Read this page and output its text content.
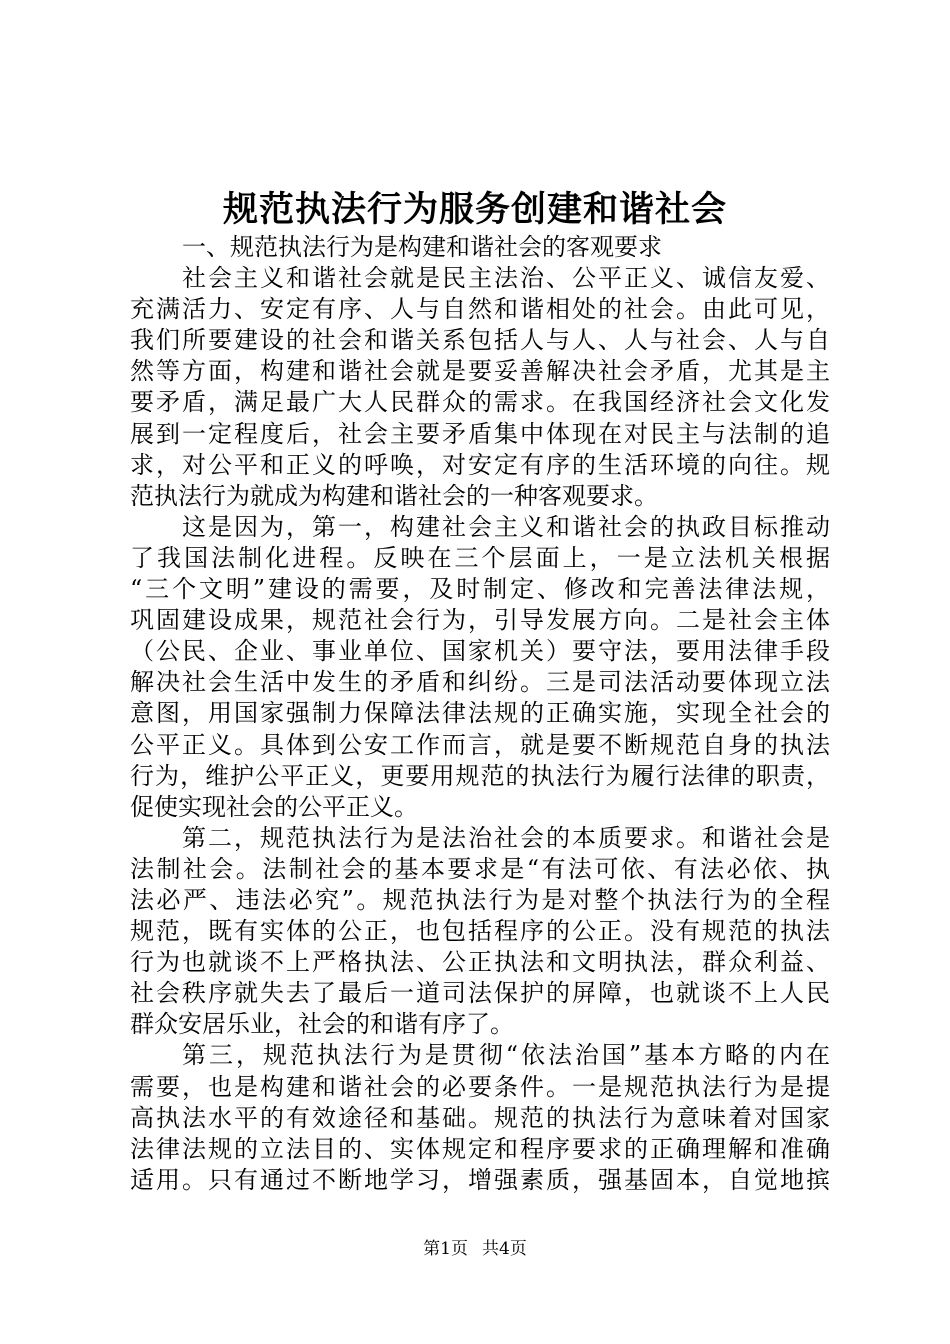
规范执法行为服务创建和谐社会
一、规范执法行为是构建和谐社会的客观要求
社会主义和谐社会就是民主法治、公平正义、诚信友爱、
充满活力、安定有序、人与自然和谐相处的社会。由此可见，
我们所要建设的社会和谐关系包括人与人、人与社会、人与自
然等方面，构建和谐社会就是要妥善解决社会矛盾，尤其是主
要矛盾，满足最广大人民群众的需求。在我国经济社会文化发
展到一定程度后，社会主要矛盾集中体现在对民主与法制的追
求，对公平和正义的呼唤，对安定有序的生活环境的向往。规
范执法行为就成为构建和谐社会的一种客观要求。
这是因为，第一，构建社会主义和谐社会的执政目标推动
了我国法制化进程。反映在三个层面上，一是立法机关根据
“三个文明”建设的需要，及时制定、修改和完善法律法规，
巩固建设成果，规范社会行为，引导发展方向。二是社会主体
（公民、企业、事业单位、国家机关）要守法，要用法律手段
解决社会生活中发生的矛盾和纠纷。三是司法活动要体现立法
意图，用国家强制力保障法律法规的正确实施，实现全社会的
公平正义。具体到公安工作而言，就是要不断规范自身的执法
行为，维护公平正义，更要用规范的执法行为履行法律的职责，
促使实现社会的公平正义。
第二，规范执法行为是法治社会的本质要求。和谐社会是
法制社会。法制社会的基本要求是“有法可依、有法必依、执
法必严、违法必究”。规范执法行为是对整个执法行为的全程
规范，既有实体的公正，也包括程序的公正。没有规范的执法
行为也就谈不上严格执法、公正执法和文明执法，群众利益、
社会秩序就失去了最后一道司法保护的屏障，也就谈不上人民
群众安居乐业，社会的和谐有序了。
第三，规范执法行为是贯彻“依法治国”基本方略的内在
需要，也是构建和谐社会的必要条件。一是规范执法行为是提
高执法水平的有效途径和基础。规范的执法行为意味着对国家
法律法规的立法目的、实体规定和程序要求的正确理解和准确
适用。只有通过不断地学习，增强素质，强基固本，自觉地摈
第1页 共4页
